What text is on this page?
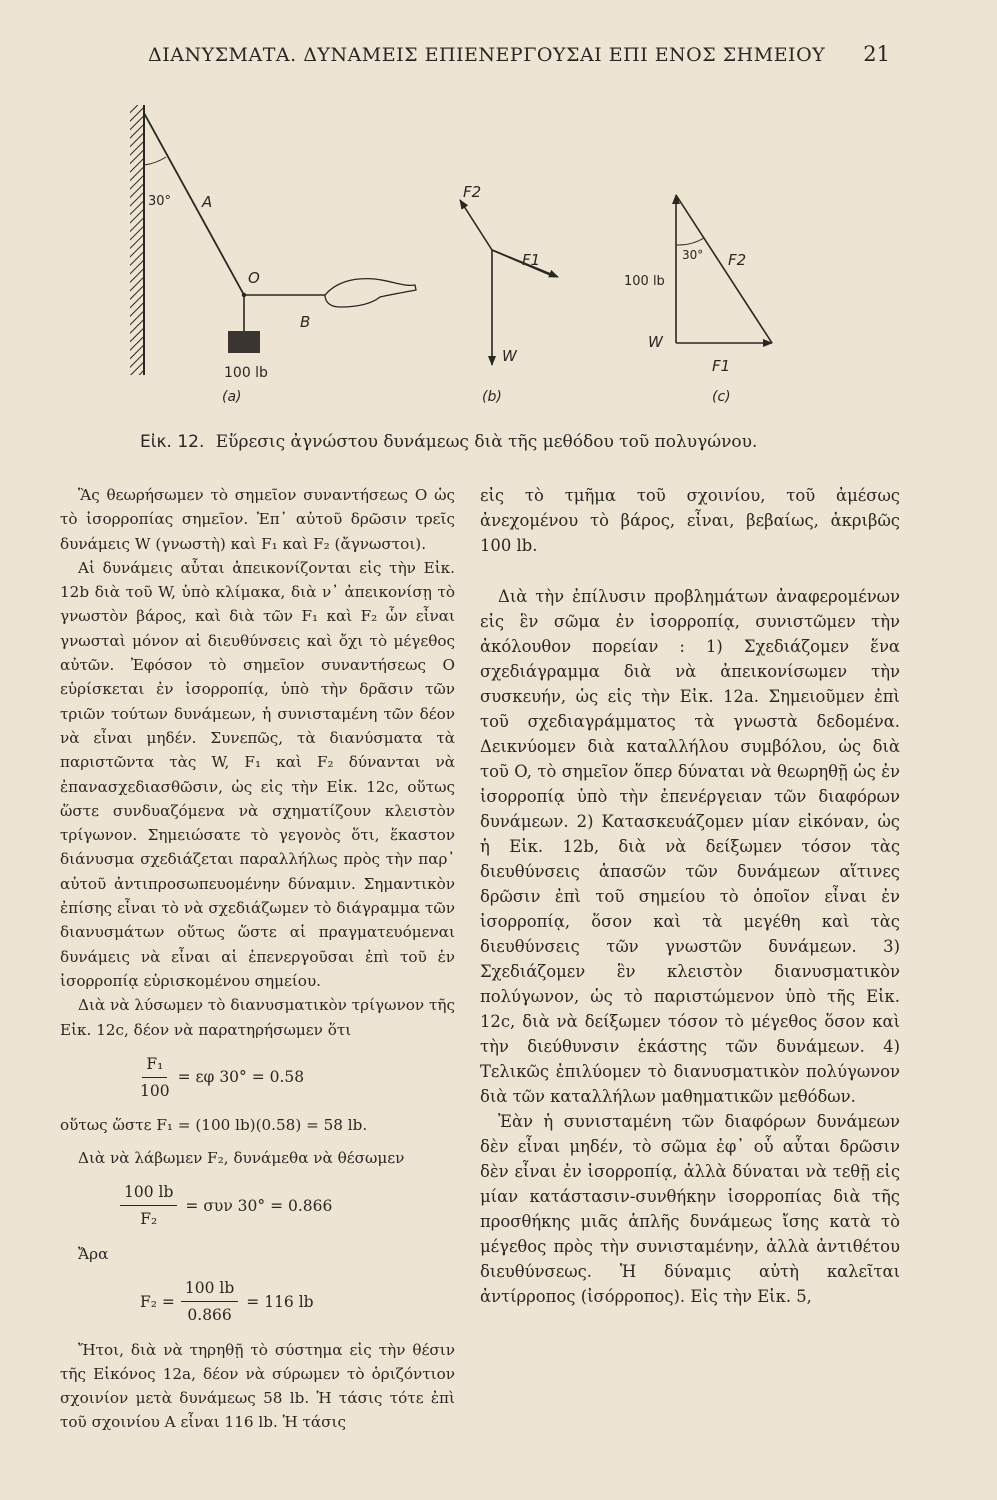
ΔΙΑΝΥΣΜΑΤΑ. ΔΥΝΑΜΕΙΣ ΕΠΙΕΝΕΡΓΟΥΣΑΙ ΕΠΙ ΕΝΟΣ ΣΗΜΕΙΟΥ 21
30° A
O
B
100 lb
(a)
F2
F1
W
(b)
30° F2
100 lb
W
F1
(c)
Εἰκ. 12. Εὕρεσις ἀγνώστου δυνάμεως διὰ τῆς μεθόδου τοῦ πολυγώνου.

Ἃς θεωρήσωμεν τὸ σημεῖον συναντήσεως O ὡς τὸ ἰσορροπίας σημεῖον. Ἐπ᾿ αὐτοῦ δρῶσιν τρεῖς δυνάμεις W (γνωστὴ) καὶ F₁ καὶ F₂ (ἄγνωστοι).

Αἱ δυνάμεις αὗται ἀπεικονίζονται εἰς τὴν Εἰκ. 12b διὰ τοῦ W, ὑπὸ κλίμακα, διὰ ν᾿ ἀπεικονίσῃ τὸ γνωστὸν βάρος, καὶ διὰ τῶν F₁ καὶ F₂ ὧν εἶναι γνωσταὶ μόνον αἱ διευθύνσεις καὶ ὄχι τὸ μέγεθος αὐτῶν. Ἐφόσον τὸ σημεῖον συναντήσεως O εὑρίσκεται ἐν ἰσορροπίᾳ, ὑπὸ τὴν δρᾶσιν τῶν τριῶν τούτων δυνάμεων, ἡ συνισταμένη τῶν δέον νὰ εἶναι μηδέν. Συνεπῶς, τὰ διανύσματα τὰ παριστῶντα τὰς W, F₁ καὶ F₂ δύνανται νὰ ἐπανασχεδιασθῶσιν, ὡς εἰς τὴν Εἰκ. 12c, οὕτως ὥστε συνδυαζόμενα νὰ σχηματίζουν κλειστὸν τρίγωνον. Σημειώσατε τὸ γεγονὸς ὅτι, ἕκαστον διάνυσμα σχεδιάζεται παραλλήλως πρὸς τὴν παρ᾿ αὐτοῦ ἀντιπροσωπευομένην δύναμιν. Σημαντικὸν ἐπίσης εἶναι τὸ νὰ σχεδιάζωμεν τὸ διάγραμμα τῶν διανυσμάτων οὕτως ὥστε αἱ πραγματευόμεναι δυνάμεις νὰ εἶναι αἱ ἐπενεργοῦσαι ἐπὶ τοῦ ἐν ἰσορροπίᾳ εὑρισκομένου σημείου.

Διὰ νὰ λύσωμεν τὸ διανυσματικὸν τρίγωνον τῆς Εἰκ. 12c, δέον νὰ παρατηρήσωμεν ὅτι

$\frac{\text{F₁}}{100} = \varepsilon\varphi$ 30° = 0.58
οὕτως ὥστε F₁ = (100 lb)(0.58) = 58 lb.

Διὰ νὰ λάβωμεν F₂, δυνάμεθα νὰ θέσωμεν

$\frac{100 lb}{\text{F₂}} = \sigma\upsilon\nu$ 30° = 0.866

Ἄρα

$F_2 = \frac{100 lb}{0.866} = 116$ lb

Ἤτοι, διὰ νὰ τηρηθῇ τὸ σύστημα εἰς τὴν θέσιν τῆς Εἰκόνος 12a, δέον νὰ σύρωμεν τὸ ὁριζόντιον σχοινίον μετὰ δυνάμεως 58 lb. Ἡ τάσις τότε ἐπὶ τοῦ σχοινίου A εἶναι 116 lb. Ἡ τάσις

εἰς τὸ τμῆμα τοῦ σχοινίου, τοῦ ἀμέσως ἀνεχομένου τὸ βάρος, εἶναι, βεβαίως, ἀκριβῶς 100 lb.

Διὰ τὴν ἐπίλυσιν προβλημάτων ἀναφερομένων εἰς ἓν σῶμα ἐν ἰσορροπίᾳ, συνιστῶμεν τὴν ἀκόλουθον πορείαν : 1) Σχεδιάζομεν ἕνα σχεδιάγραμμα διὰ νὰ ἀπεικονίσωμεν τὴν συσκευήν, ὡς εἰς τὴν Εἰκ. 12a. Σημειοῦμεν ἐπὶ τοῦ σχεδιαγράμματος τὰ γνωστὰ δεδομένα. Δεικνύομεν διὰ καταλλήλου συμβόλου, ὡς διὰ τοῦ O, τὸ σημεῖον ὅπερ δύναται νὰ θεωρηθῇ ὡς ἐν ἰσορροπίᾳ ὑπὸ τὴν ἐπενέργειαν τῶν διαφόρων δυνάμεων. 2) Κατασκευάζομεν μίαν εἰκόναν, ὡς ἡ Εἰκ. 12b, διὰ νὰ δείξωμεν τόσον τὰς διευθύνσεις ἁπασῶν τῶν δυνάμεων αἵτινες δρῶσιν ἐπὶ τοῦ σημείου τὸ ὁποῖον εἶναι ἐν ἰσορροπίᾳ, ὅσον καὶ τὰ μεγέθη καὶ τὰς διευθύνσεις τῶν γνωστῶν δυνάμεων. 3) Σχεδιάζομεν ἓν κλειστὸν διανυσματικὸν πολύγωνον, ὡς τὸ παριστώμενον ὑπὸ τῆς Εἰκ. 12c, διὰ νὰ δείξωμεν τόσον τὸ μέγεθος ὅσον καὶ τὴν διεύθυνσιν ἑκάστης τῶν δυνάμεων. 4) Τελικῶς ἐπιλύομεν τὸ διανυσματικὸν πολύγωνον διὰ τῶν καταλλήλων μαθηματικῶν μεθόδων.

Ἐὰν ἡ συνισταμένη τῶν διαφόρων δυνάμεων δὲν εἶναι μηδέν, τὸ σῶμα ἐφ᾿ οὗ αὗται δρῶσιν δὲν εἶναι ἐν ἰσορροπίᾳ, ἀλλὰ δύναται νὰ τεθῇ εἰς μίαν κατάστασιν-συνθήκην ἰσορροπίας διὰ τῆς προσθήκης μιᾶς ἁπλῆς δυνάμεως ἴσης κατὰ τὸ μέγεθος πρὸς τὴν συνισταμένην, ἀλλὰ ἀντιθέτου διευθύνσεως. Ἡ δύναμις αὐτὴ καλεῖται ἀντίρροπος (ἰσόρροπος). Εἰς τὴν Εἰκ. 5,
